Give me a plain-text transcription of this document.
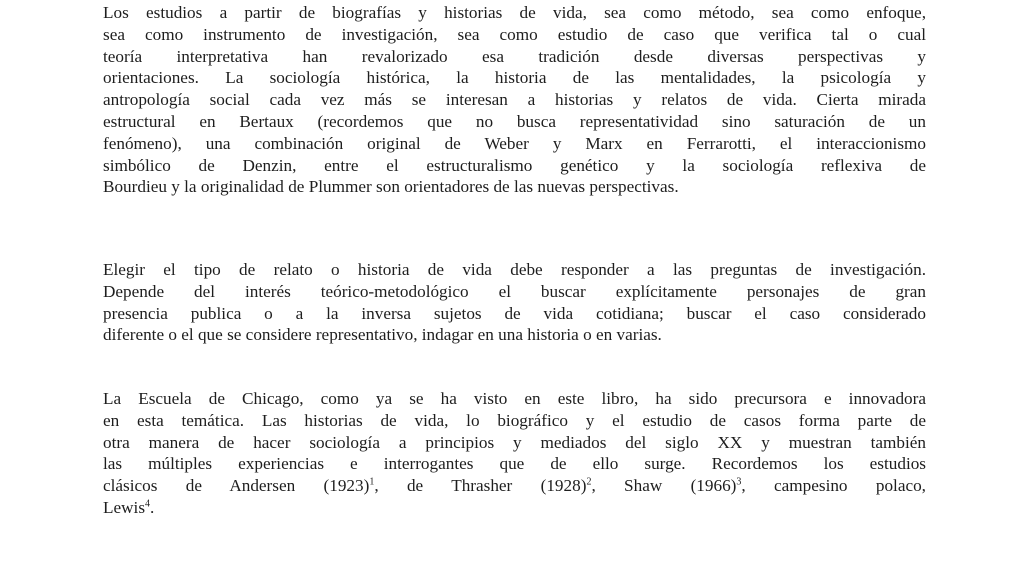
Los estudios a partir de biografías y historias de vida, sea como método, sea como enfoque,
sea como instrumento de investigación, sea como estudio de caso que verifica tal o cual
teoría interpretativa han revalorizado esa tradición desde diversas perspectivas y
orientaciones. La sociología histórica, la historia de las mentalidades, la psicología y
antropología social cada vez más se interesan a historias y relatos de vida. Cierta mirada
estructural en Bertaux (recordemos que no busca representatividad sino saturación de un
fenómeno), una combinación original de Weber y Marx en Ferrarotti, el interaccionismo
simbólico de Denzin, entre el estructuralismo genético y la sociología reflexiva de
Bourdieu y la originalidad de Plummer son orientadores de las nuevas perspectivas.
Elegir el tipo de relato o historia de vida debe responder a las preguntas de investigación.
Depende del interés teórico-metodológico el buscar explícitamente personajes de gran
presencia publica o a la inversa sujetos de vida cotidiana; buscar el caso considerado
diferente o el que se considere representativo, indagar en una historia o en varias.
La Escuela de Chicago, como ya se ha visto en este libro, ha sido precursora e innovadora
en esta temática. Las historias de vida, lo biográfico y el estudio de casos forma parte de
otra manera de hacer sociología a principios y mediados del siglo XX y muestran también
las múltiples experiencias e interrogantes que de ello surge. Recordemos los estudios
clásicos de Andersen $(1923)^1$, de Thrasher $(1928)^2$, Shaw $(1966)^3$, campesino polaco,
Lewis$^4$.
